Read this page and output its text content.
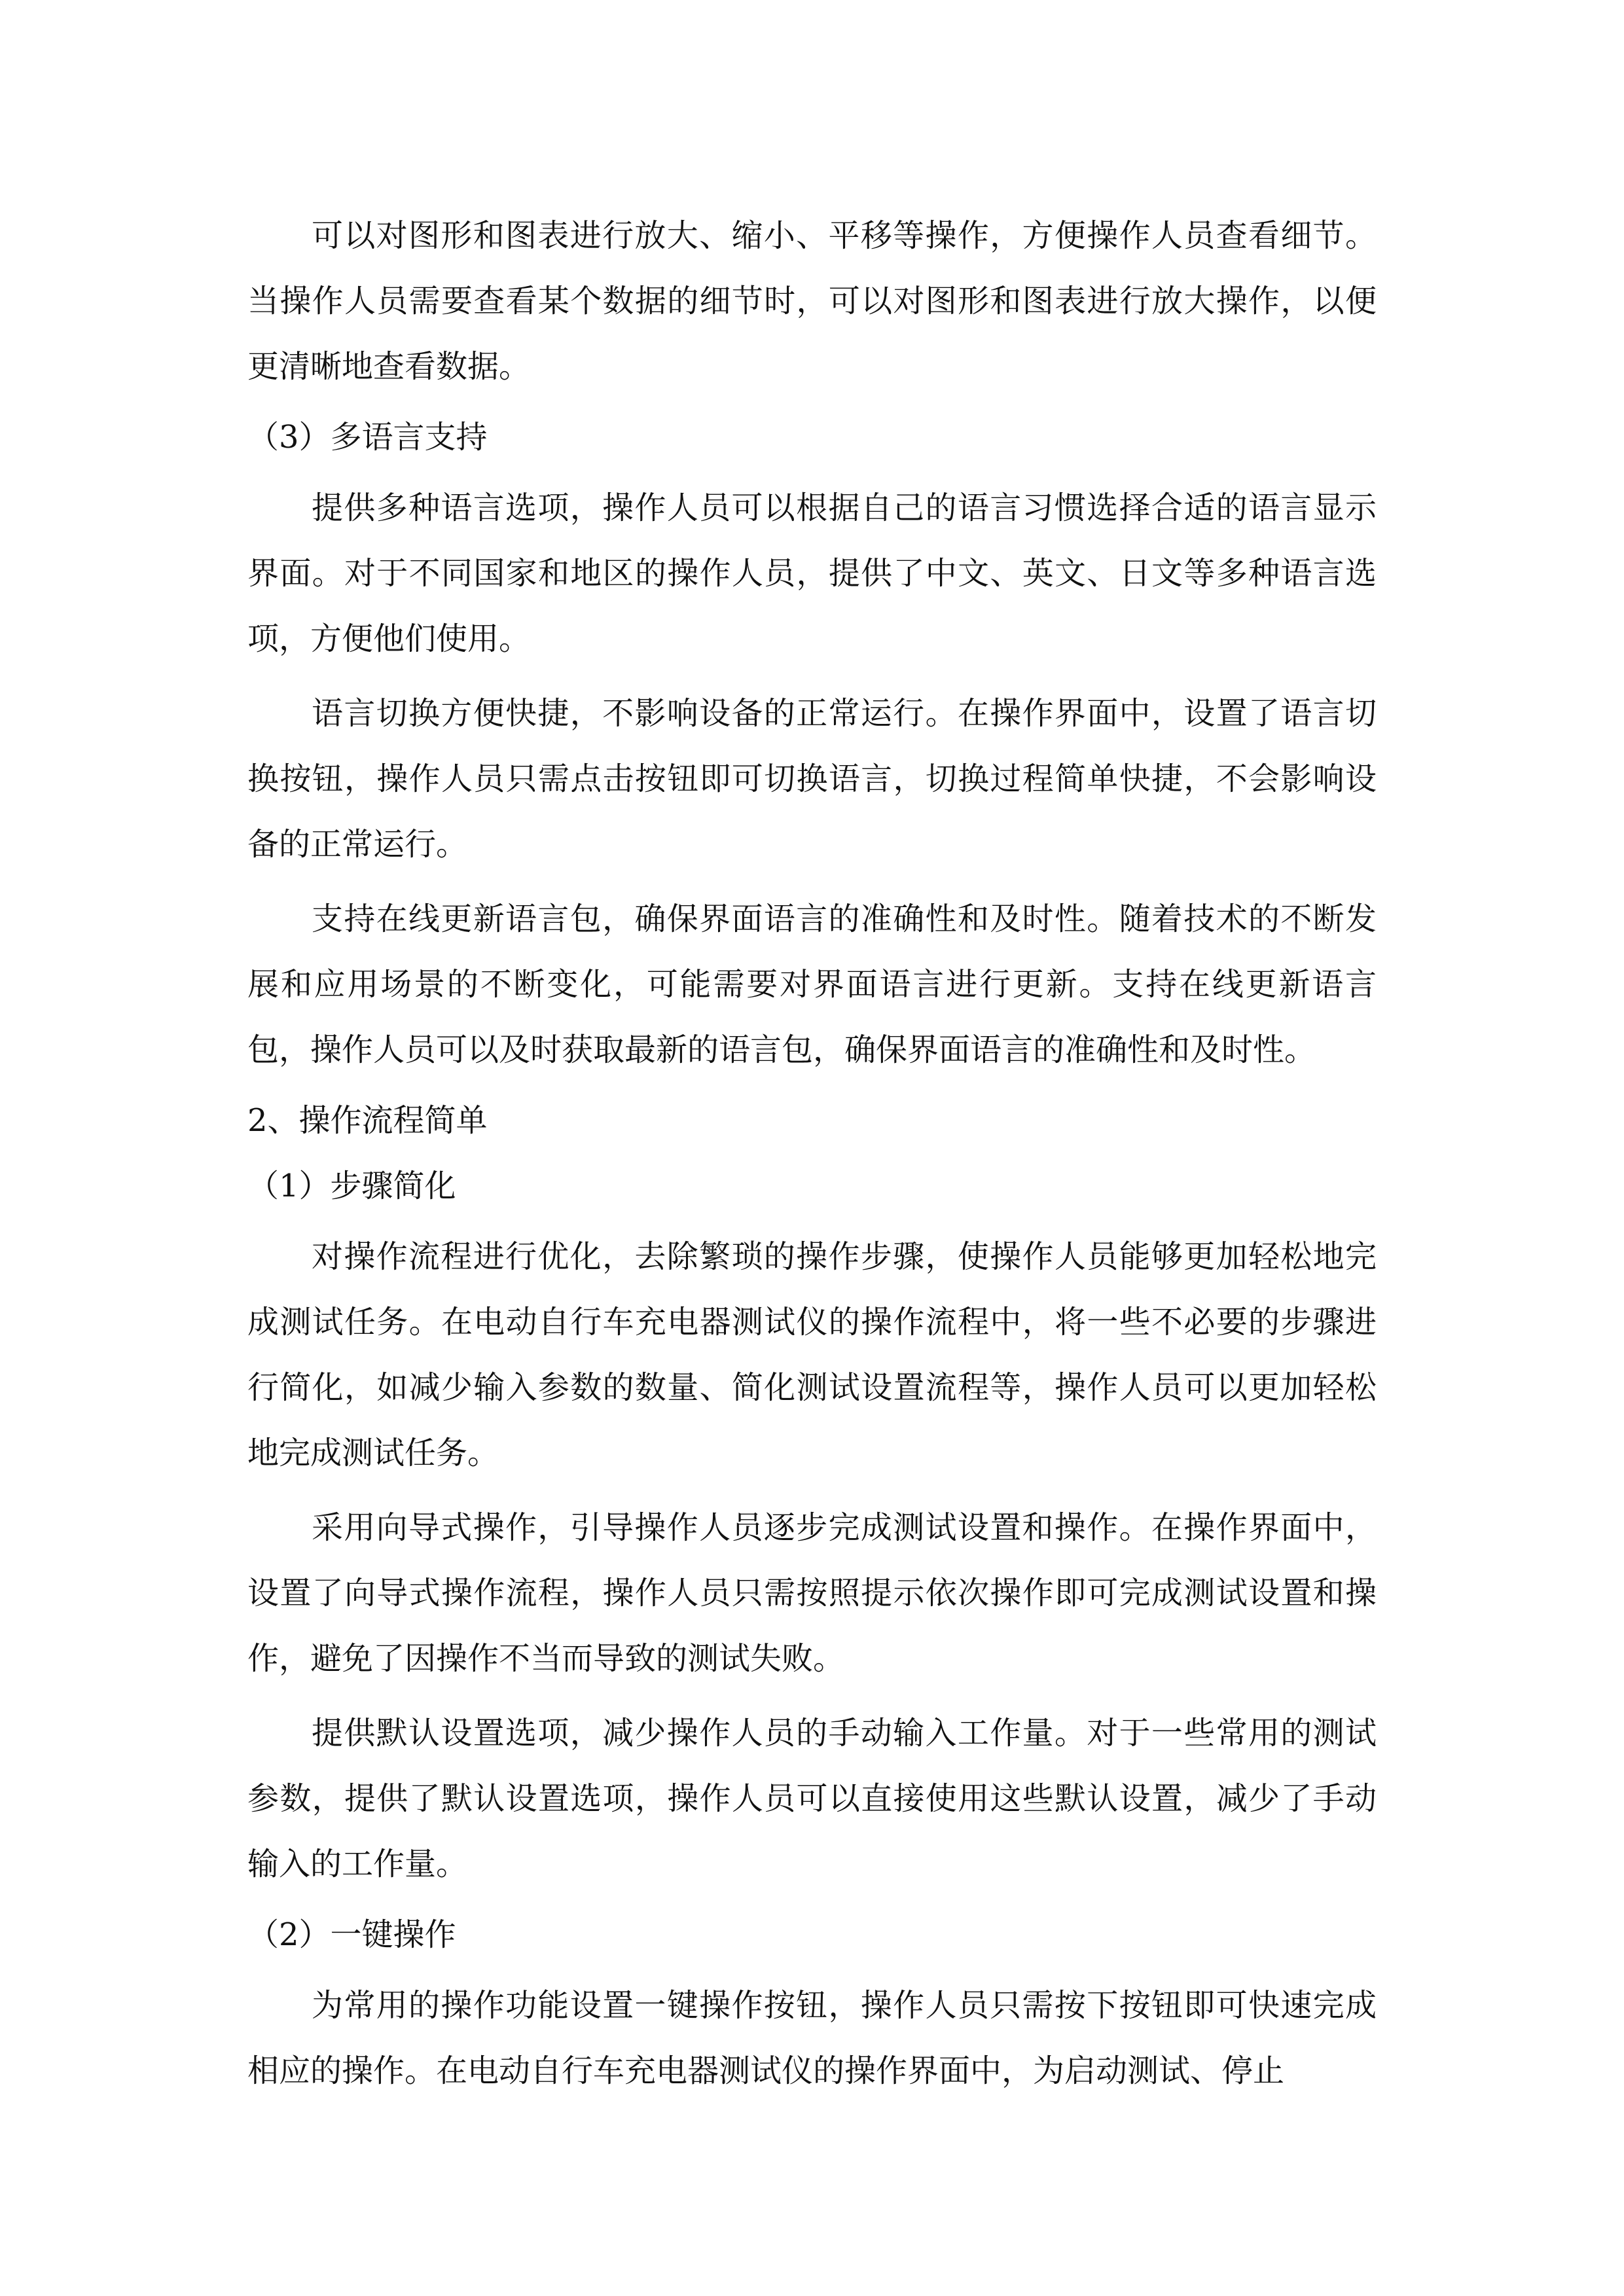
可以对图形和图表进行放大、缩小、平移等操作，方便操作人员查看细节。当操作人员需要查看某个数据的细节时，可以对图形和图表进行放大操作，以便更清晰地查看数据。

（3）多语言支持

提供多种语言选项，操作人员可以根据自己的语言习惯选择合适的语言显示界面。对于不同国家和地区的操作人员，提供了中文、英文、日文等多种语言选项，方便他们使用。

语言切换方便快捷，不影响设备的正常运行。在操作界面中，设置了语言切换按钮，操作人员只需点击按钮即可切换语言，切换过程简单快捷，不会影响设备的正常运行。

支持在线更新语言包，确保界面语言的准确性和及时性。随着技术的不断发展和应用场景的不断变化，可能需要对界面语言进行更新。支持在线更新语言包，操作人员可以及时获取最新的语言包，确保界面语言的准确性和及时性。

2、操作流程简单

（1）步骤简化

对操作流程进行优化，去除繁琐的操作步骤，使操作人员能够更加轻松地完成测试任务。在电动自行车充电器测试仪的操作流程中，将一些不必要的步骤进行简化，如减少输入参数的数量、简化测试设置流程等，操作人员可以更加轻松地完成测试任务。

采用向导式操作，引导操作人员逐步完成测试设置和操作。在操作界面中，设置了向导式操作流程，操作人员只需按照提示依次操作即可完成测试设置和操作，避免了因操作不当而导致的测试失败。

提供默认设置选项，减少操作人员的手动输入工作量。对于一些常用的测试参数，提供了默认设置选项，操作人员可以直接使用这些默认设置，减少了手动输入的工作量。

（2）一键操作

为常用的操作功能设置一键操作按钮，操作人员只需按下按钮即可快速完成相应的操作。在电动自行车充电器测试仪的操作界面中，为启动测试、停止
